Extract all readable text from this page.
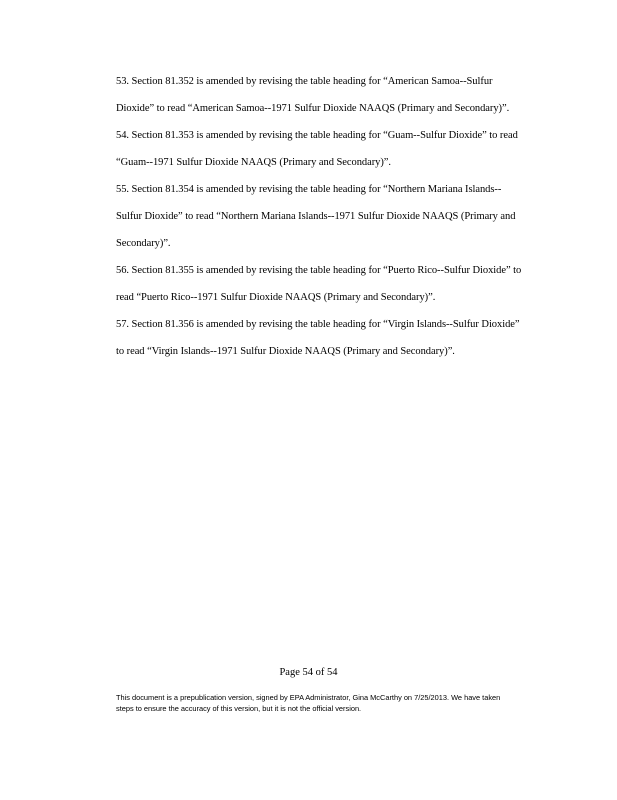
53. Section 81.352 is amended by revising the table heading for “American Samoa--Sulfur Dioxide” to read “American Samoa--1971 Sulfur Dioxide NAAQS (Primary and Secondary)”.

54. Section 81.353 is amended by revising the table heading for “Guam--Sulfur Dioxide” to read “Guam--1971 Sulfur Dioxide NAAQS (Primary and Secondary)”.

55. Section 81.354 is amended by revising the table heading for “Northern Mariana Islands--Sulfur Dioxide” to read “Northern Mariana Islands--1971 Sulfur Dioxide NAAQS (Primary and Secondary)”.

56. Section 81.355 is amended by revising the table heading for “Puerto Rico--Sulfur Dioxide” to read “Puerto Rico--1971 Sulfur Dioxide NAAQS (Primary and Secondary)”.

57. Section 81.356 is amended by revising the table heading for “Virgin Islands--Sulfur Dioxide” to read “Virgin Islands--1971 Sulfur Dioxide NAAQS (Primary and Secondary)”.

Page 54 of 54
This document is a prepublication version, signed by EPA Administrator, Gina McCarthy on 7/25/2013. We have taken steps to ensure the accuracy of this version, but it is not the official version.
